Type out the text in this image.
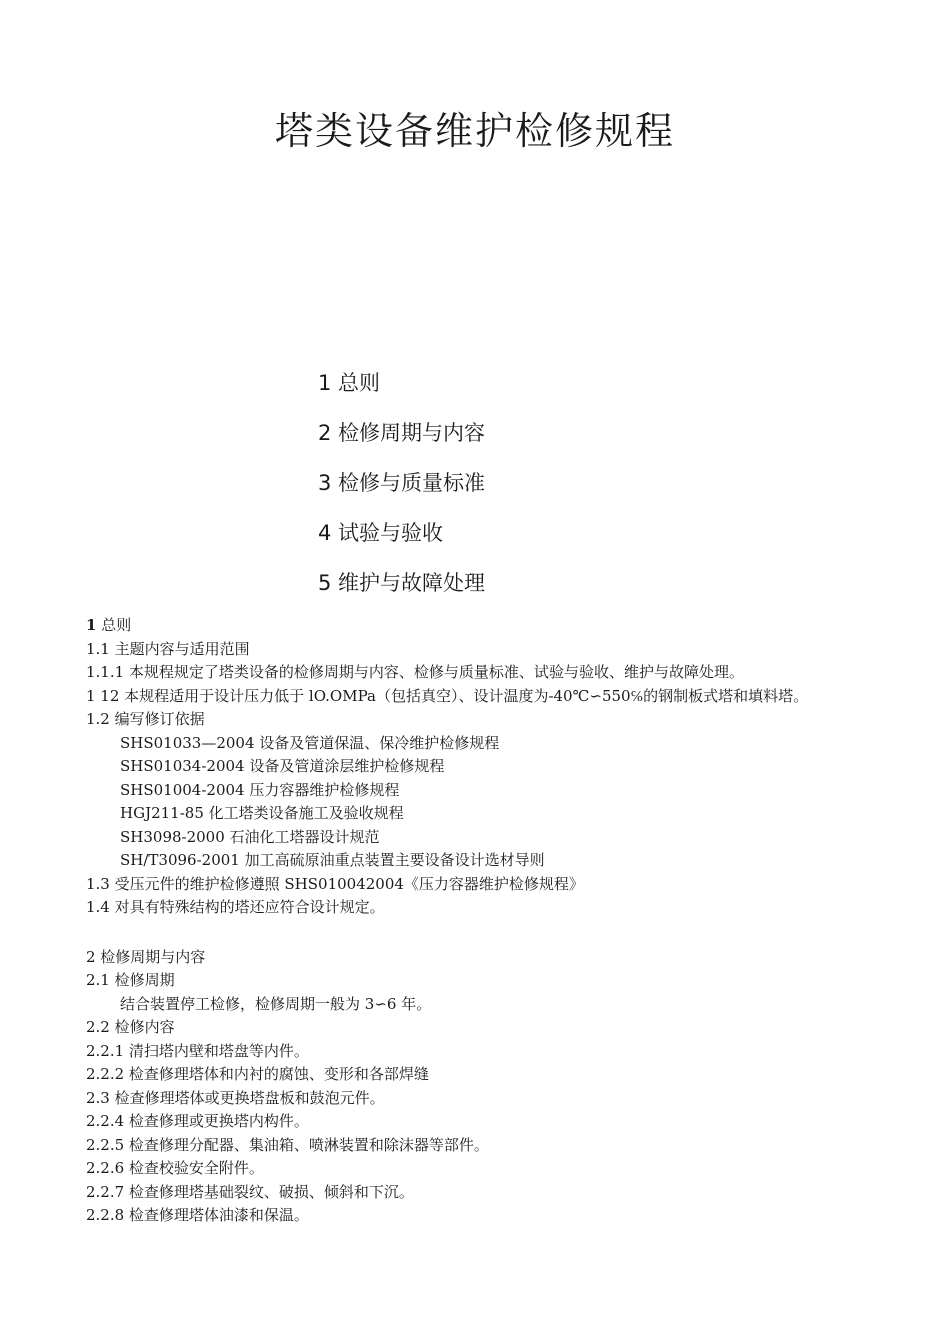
塔类设备维护检修规程
1 总则
2 检修周期与内容
3 检修与质量标准
4 试验与验收
5 维护与故障处理
1 总则
1.1 主题内容与适用范围
1.1.1 本规程规定了塔类设备的检修周期与内容、检修与质量标准、试验与验收、维护与故障处理。
1 12 本规程适用于设计压力低于 lO.OMPa（包括真空）、设计温度为-40℃∽550℅的钢制板式塔和填料塔。
1.2 编写修订依据
SHS01033—2004 设备及管道保温、保冷维护检修规程
SHS01034-2004 设备及管道涂层维护检修规程
SHS01004-2004 压力容器维护检修规程
HGJ211-85 化工塔类设备施工及验收规程
SH3098-2000 石油化工塔器设计规范
SH/T3096-2001 加工高硫原油重点装置主要设备设计选材导则
1.3 受压元件的维护检修遵照 SHS010042004《压力容器维护检修规程》
1.4 对具有特殊结构的塔还应符合设计规定。
2 检修周期与内容
2.1 检修周期
结合装置停工检修，检修周期一般为 3∽6 年。
2.2 检修内容
2.2.1 清扫塔内壁和塔盘等内件。
2.2.2 检查修理塔体和内衬的腐蚀、变形和各部焊缝
2.3 检查修理塔体或更换塔盘板和鼓泡元件。
2.2.4 检查修理或更换塔内构件。
2.2.5 检查修理分配器、集油箱、喷淋装置和除沫器等部件。
2.2.6 检查校验安全附件。
2.2.7 检查修理塔基础裂纹、破损、倾斜和下沉。
2.2.8 检查修理塔体油漆和保温。
